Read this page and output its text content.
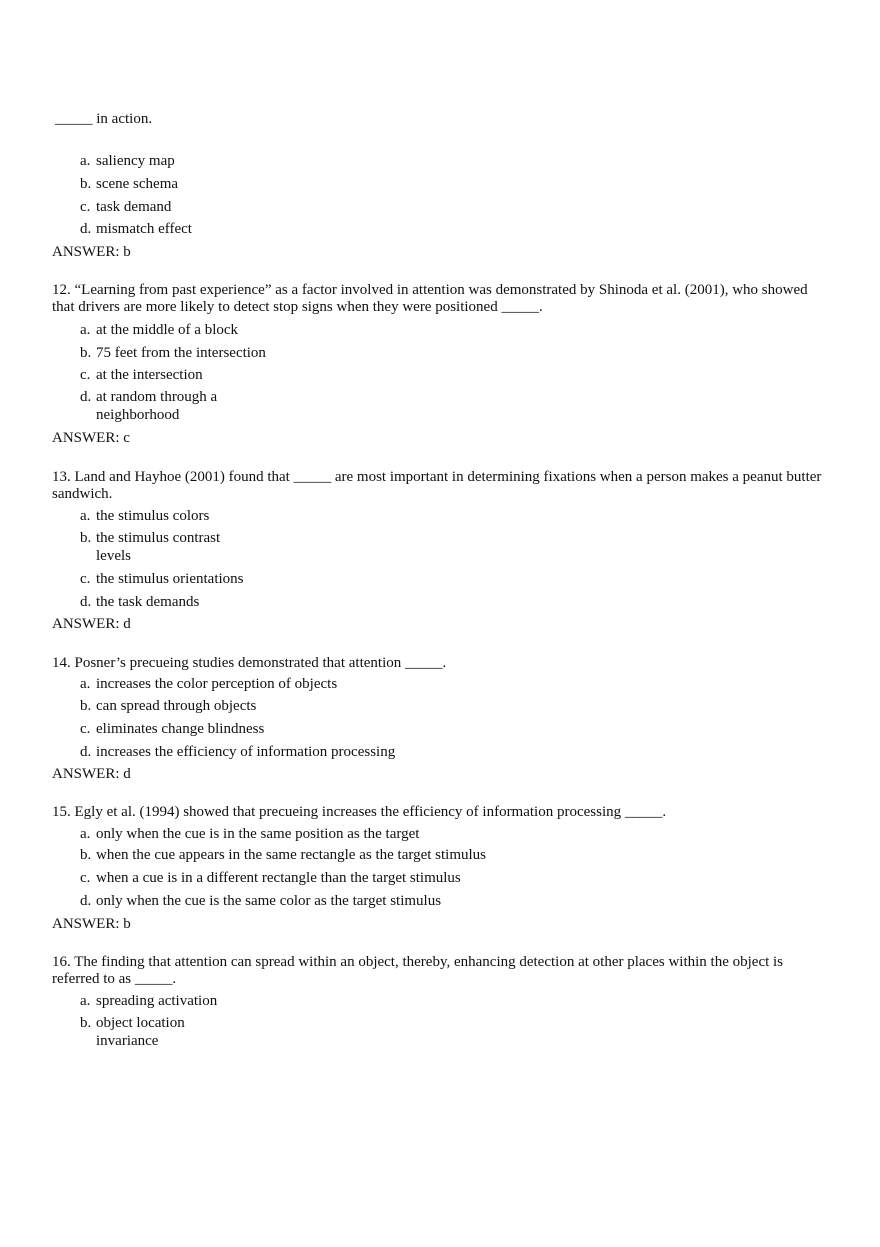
_____ in action.
a. saliency map
b. scene schema
c. task demand
d. mismatch effect
ANSWER: b

12. “Learning from past experience” as a factor involved in attention was demonstrated by Shinoda et al. (2001), who showed that drivers are more likely to detect stop signs when they were positioned _____.

a. at the middle of a block
b. 75 feet from the intersection
c. at the intersection
d. at random through a neighborhood
ANSWER: c

13. Land and Hayhoe (2001) found that _____ are most important in determining fixations when a person makes a peanut butter sandwich.

a. the stimulus colors
b. the stimulus contrast levels
c. the stimulus orientations
d. the task demands
ANSWER: d

14. Posner’s precueing studies demonstrated that attention _____.

a. increases the color perception of objects
b. can spread through objects
c. eliminates change blindness
d. increases the efficiency of information processing
ANSWER: d

15. Egly et al. (1994) showed that precueing increases the efficiency of information processing _____.

a. only when the cue is in the same position as the target
b. when the cue appears in the same rectangle as the target stimulus
c. when a cue is in a different rectangle than the target stimulus
d. only when the cue is the same color as the target stimulus
ANSWER: b

16. The finding that attention can spread within an object, thereby, enhancing detection at other places within the object is referred to as _____.

a. spreading activation
b. object location invariance
